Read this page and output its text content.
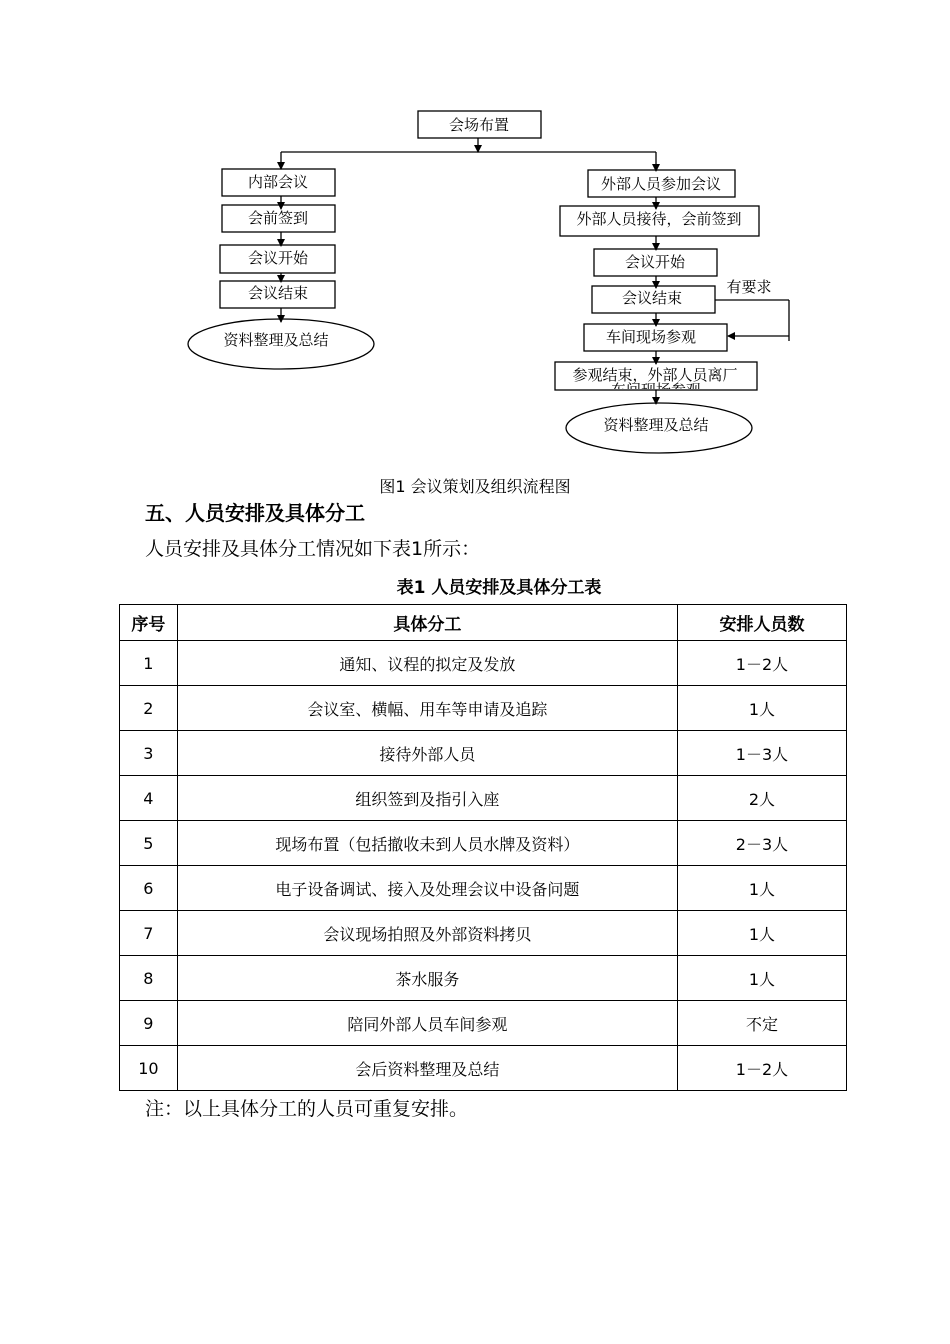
会场布置
内部会议
会前签到
会议开始
会议结束
资料整理及总结
外部人员参加会议
外部人员接待，会前签到
会议开始
会议结束
车间现场参观
参观结束，外部人员离厂
车间现场参观
资料整理及总结
有要求
图1 会议策划及组织流程图
五、人员安排及具体分工
人员安排及具体分工情况如下表1所示：
表1 人员安排及具体分工表
序号	具体分工	安排人员数
1	通知、议程的拟定及发放	1－2人
2	会议室、横幅、用车等申请及追踪	1人
3	接待外部人员	1－3人
4	组织签到及指引入座	2人
5	现场布置（包括撤收未到人员水牌及资料）	2－3人
6	电子设备调试、接入及处理会议中设备问题	1人
7	会议现场拍照及外部资料拷贝	1人
8	茶水服务	1人
9	陪同外部人员车间参观	不定
10	会后资料整理及总结	1－2人
注：以上具体分工的人员可重复安排。
